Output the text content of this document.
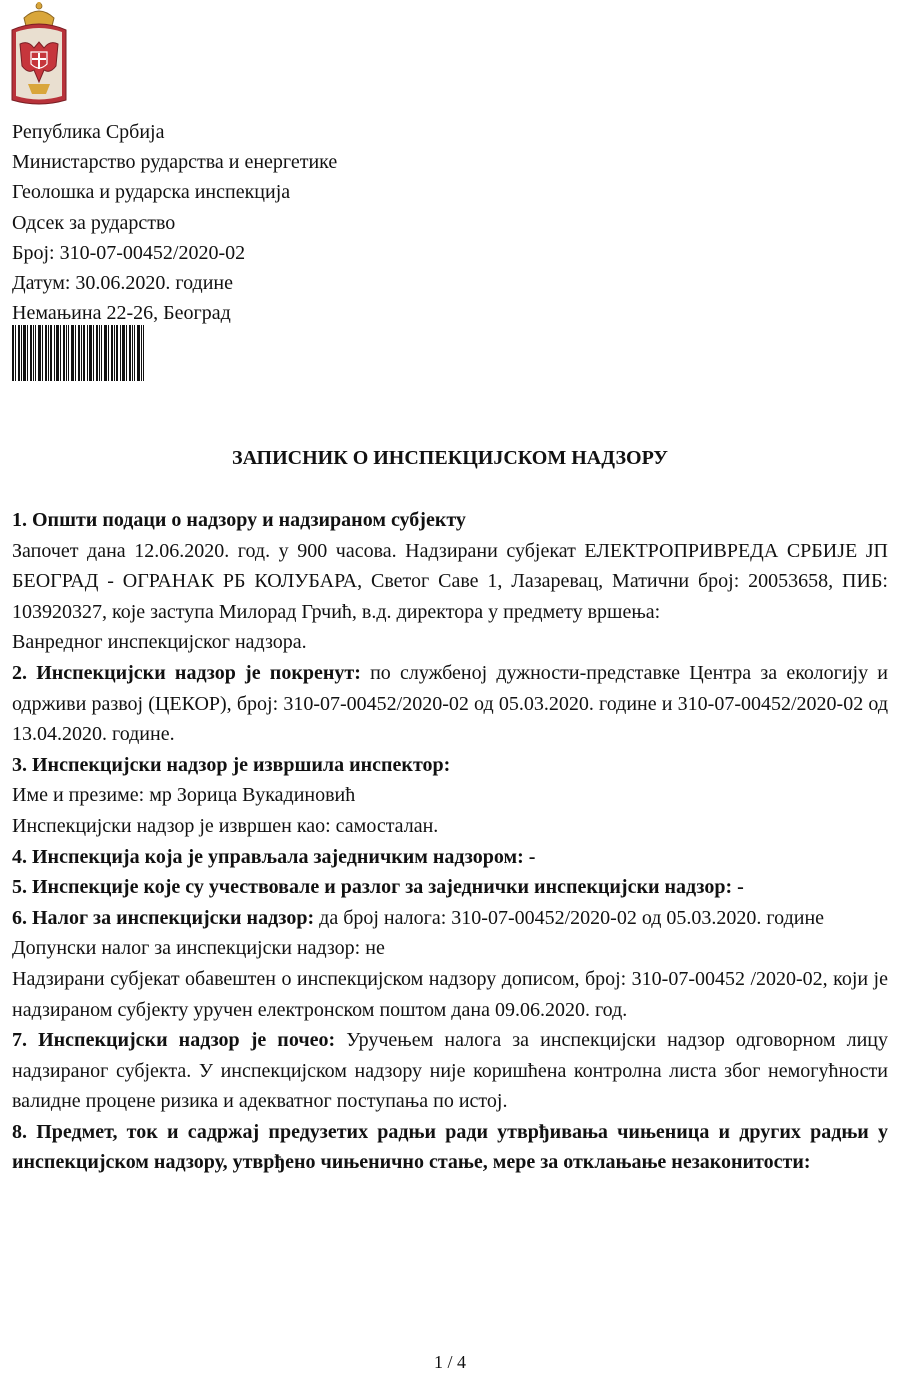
Република Србија
Министарство рударства и енергетике
Геолошка и рударска инспекција
Одсек за рударство
Број: 310-07-00452/2020-02
Датум: 30.06.2020. године
Немањина 22-26, Београд
ЗАПИСНИК О ИНСПЕКЦИЈСКОМ НАДЗОРУ

1. Општи подаци о надзору и надзираном субјекту

Започет дана 12.06.2020. год. у 900 часова. Надзирани субјекат ЕЛЕКТРОПРИВРЕДА СРБИЈЕ ЈП БЕОГРАД - ОГРАНАК РБ КОЛУБАРА, Светог Саве 1, Лазаревац, Матични број: 20053658, ПИБ: 103920327, које заступа Милорад Грчић, в.д. директора у предмету вршења:

Ванредног инспекцијског надзора.

2. Инспекцијски надзор је покренут: по службеној дужности-представке Центра за екологију и одрживи развој (ЦЕКОР), број: 310-07-00452/2020-02 од 05.03.2020. године и 310-07-00452/2020-02 од 13.04.2020. године.

3. Инспекцијски надзор је извршила инспектор:

Име и презиме: мр Зорица Вукадиновић

Инспекцијски надзор је извршен као: самосталан.

4. Инспекција која је управљала заједничким надзором: -

5. Инспекције које су учествовале и разлог за заједнички инспекцијски надзор: -

6. Налог за инспекцијски надзор: да број налога: 310-07-00452/2020-02 од 05.03.2020. године

Допунски налог за инспекцијски надзор: не

Надзирани субјекат обавештен о инспекцијском надзору дописом, број: 310-07-00452 /2020-02, који је надзираном субјекту уручен електронском поштом дана 09.06.2020. год.

7. Инспекцијски надзор је почео: Уручењем налога за инспекцијски надзор одговорном лицу надзираног субјекта. У инспекцијском надзору није коришћена контролна листа због немогућности валидне процене ризика и адекватног поступања по истој.

8. Предмет, ток и садржај предузетих радњи ради утврђивања чињеница и других радњи у инспекцијском надзору, утврђено чињенично стање, мере за отклањање незаконитости:

1 / 4
